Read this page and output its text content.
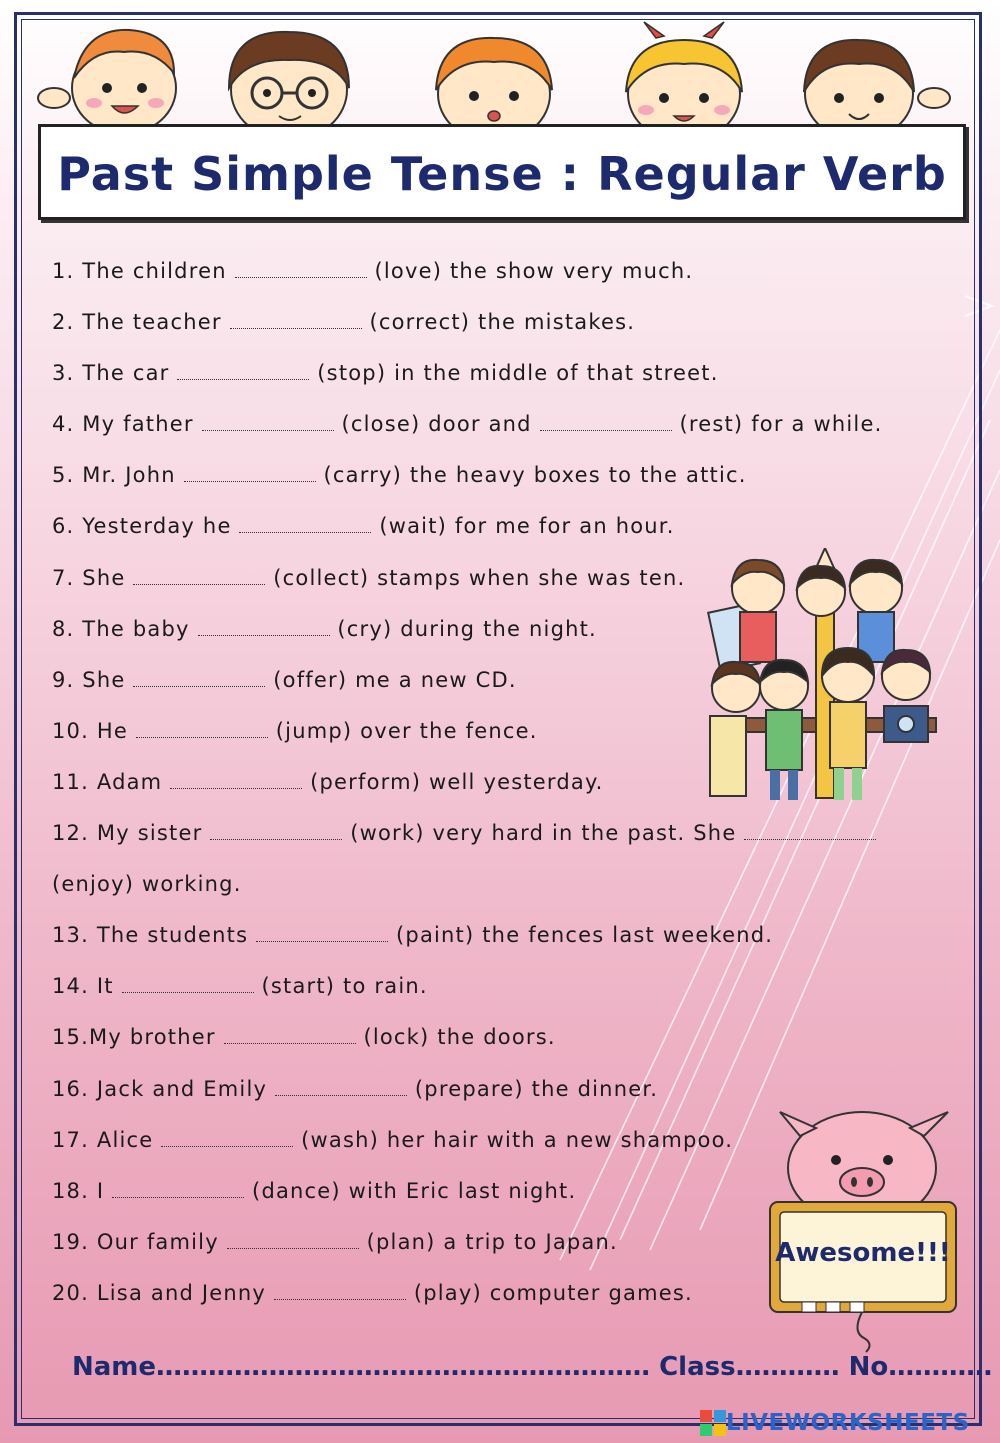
Past Simple Tense : Regular Verb
1. The children	(love) the show very much.
2. The teacher	(correct) the mistakes.
3. The car	(stop) in the middle of that street.
4. My father	(close) door and	(rest) for a while.
5. Mr. John	(carry) the heavy boxes to the attic.
6. Yesterday he	(wait) for me for an hour.
7. She	(collect) stamps when she was ten.
8. The baby	(cry) during the night.
9. She	(offer) me a new CD.
10. He	(jump) over the fence.
11. Adam	(perform) well yesterday.
12. My sister	(work) very hard in the past. She
(enjoy) working.
13. The students	(paint) the fences last weekend.
14. It	(start) to rain.
15.My brother	(lock) the doors.
16. Jack and Emily	(prepare) the dinner.
17. Alice	(wash) her hair with a new shampoo.
18. I	(dance) with Eric last night.
19. Our family	(plan) a trip to Japan.
20. Lisa and Jenny	(play) computer games.
Awesome!!!
Name………………………………………………… Class………… No…………
LIVEWORKSHEETS
